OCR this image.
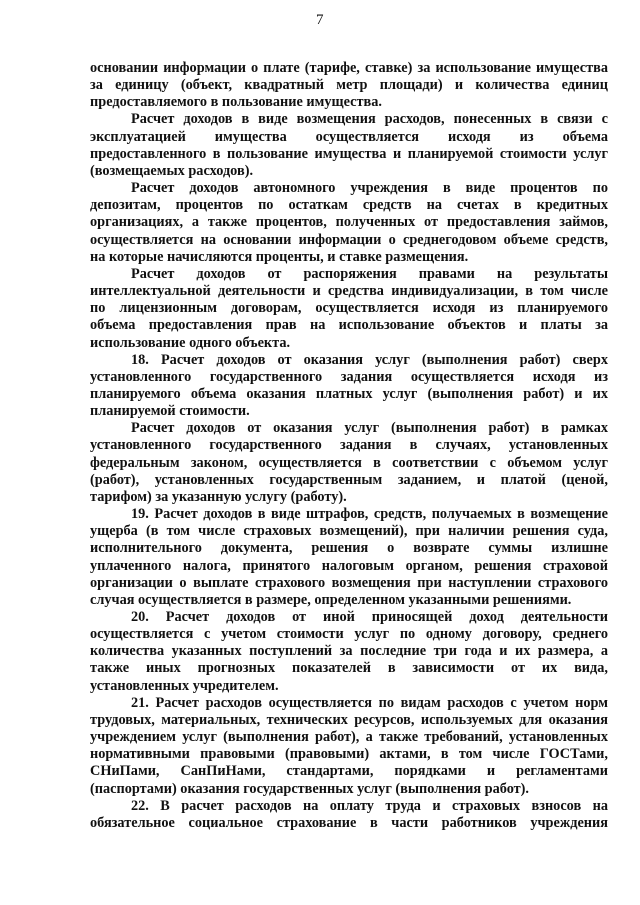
7
основании информации о плате (тарифе, ставке) за использование имущества
за единицу (объект, квадратный метр площади) и количества единиц
предоставляемого в пользование имущества.
Расчет доходов в виде возмещения расходов, понесенных в связи с
эксплуатацией имущества осуществляется исходя из объема
предоставленного в пользование имущества и планируемой стоимости услуг
(возмещаемых расходов).
Расчет доходов автономного учреждения в виде процентов по
депозитам, процентов по остаткам средств на счетах в кредитных
организациях, а также процентов, полученных от предоставления займов,
осуществляется на основании информации о среднегодовом объеме средств,
на которые начисляются проценты, и ставке размещения.
Расчет доходов от распоряжения правами на результаты
интеллектуальной деятельности и средства индивидуализации, в том числе
по лицензионным договорам, осуществляется исходя из планируемого
объема предоставления прав на использование объектов и платы за
использование одного объекта.
18. Расчет доходов от оказания услуг (выполнения работ) сверх
установленного государственного задания осуществляется исходя из
планируемого объема оказания платных услуг (выполнения работ) и их
планируемой стоимости.
Расчет доходов от оказания услуг (выполнения работ) в рамках
установленного государственного задания в случаях, установленных
федеральным законом, осуществляется в соответствии с объемом услуг
(работ), установленных государственным заданием, и платой (ценой,
тарифом) за указанную услугу (работу).
19. Расчет доходов в виде штрафов, средств, получаемых в возмещение
ущерба (в том числе страховых возмещений), при наличии решения суда,
исполнительного документа, решения о возврате суммы излишне
уплаченного налога, принятого налоговым органом, решения страховой
организации о выплате страхового возмещения при наступлении страхового
случая осуществляется в размере, определенном указанными решениями.
20. Расчет доходов от иной приносящей доход деятельности
осуществляется с учетом стоимости услуг по одному договору, среднего
количества указанных поступлений за последние три года и их размера, а
также иных прогнозных показателей в зависимости от их вида,
установленных учредителем.
21. Расчет расходов осуществляется по видам расходов с учетом норм
трудовых, материальных, технических ресурсов, используемых для оказания
учреждением услуг (выполнения работ), а также требований, установленных
нормативными правовыми (правовыми) актами, в том числе ГОСТами,
СНиПами, СанПиНами, стандартами, порядками и регламентами
(паспортами) оказания государственных услуг (выполнения работ).
22. В расчет расходов на оплату труда и страховых взносов на
обязательное социальное страхование в части работников учреждения
